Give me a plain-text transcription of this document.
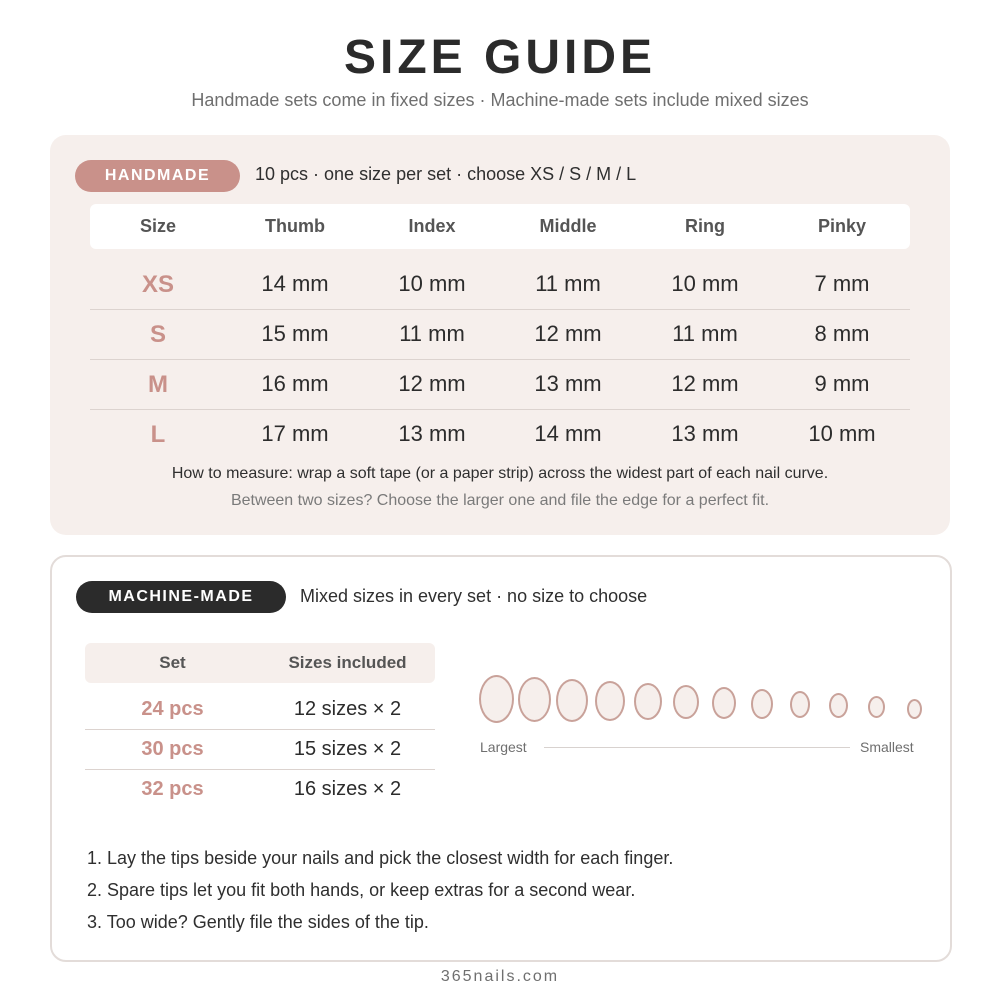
SIZE GUIDE
Handmade sets come in fixed sizes · Machine-made sets include mixed sizes
HANDMADE	10 pcs · one size per set · choose XS / S / M / L
Size	Thumb	Index	Middle	Ring	Pinky
XS	14 mm	10 mm	11 mm	10 mm	7 mm
S	15 mm	11 mm	12 mm	11 mm	8 mm
M	16 mm	12 mm	13 mm	12 mm	9 mm
L	17 mm	13 mm	14 mm	13 mm	10 mm
How to measure: wrap a soft tape (or a paper strip) across the widest part of each nail curve.
Between two sizes? Choose the larger one and file the edge for a perfect fit.
MACHINE-MADE	Mixed sizes in every set · no size to choose
Set	Sizes included
24 pcs	12 sizes × 2
30 pcs	15 sizes × 2
32 pcs	16 sizes × 2
Largest	Smallest
1. Lay the tips beside your nails and pick the closest width for each finger.
2. Spare tips let you fit both hands, or keep extras for a second wear.
3. Too wide? Gently file the sides of the tip.
365nails.com
